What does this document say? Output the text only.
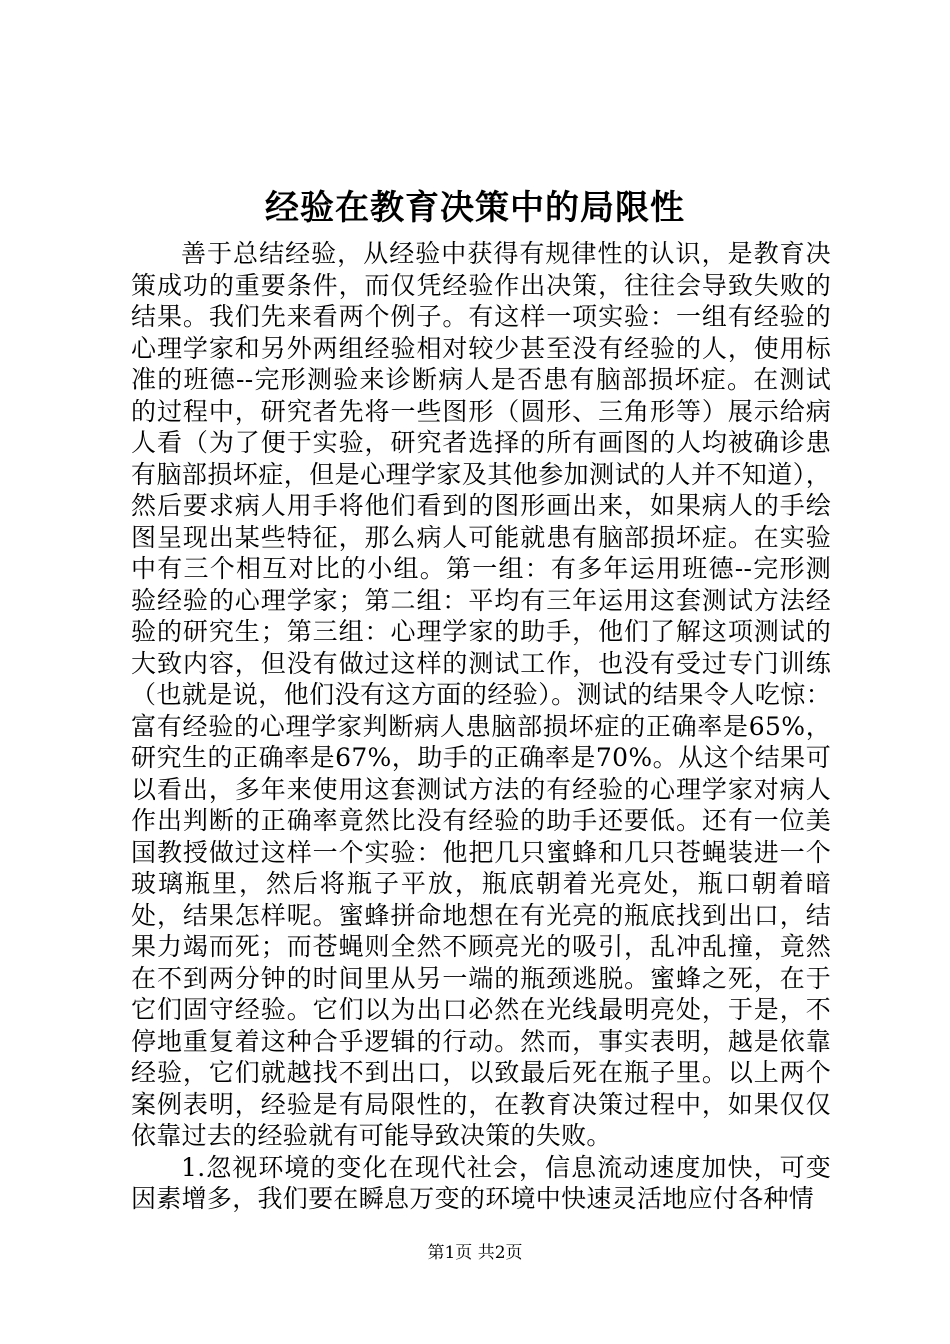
经验在教育决策中的局限性

善于总结经验，从经验中获得有规律性的认识，是教育决策成功的重要条件，而仅凭经验作出决策，往往会导致失败的结果。我们先来看两个例子。有这样一项实验：一组有经验的心理学家和另外两组经验相对较少甚至没有经验的人，使用标准的班德--完形测验来诊断病人是否患有脑部损坏症。在测试的过程中，研究者先将一些图形（圆形、三角形等）展示给病人看（为了便于实验，研究者选择的所有画图的人均被确诊患有脑部损坏症，但是心理学家及其他参加测试的人并不知道），然后要求病人用手将他们看到的图形画出来，如果病人的手绘图呈现出某些特征，那么病人可能就患有脑部损坏症。在实验中有三个相互对比的小组。第一组：有多年运用班德--完形测验经验的心理学家；第二组：平均有三年运用这套测试方法经验的研究生；第三组：心理学家的助手，他们了解这项测试的大致内容，但没有做过这样的测试工作，也没有受过专门训练（也就是说，他们没有这方面的经验）。测试的结果令人吃惊：富有经验的心理学家判断病人患脑部损坏症的正确率是65%，研究生的正确率是67%，助手的正确率是70%。从这个结果可以看出，多年来使用这套测试方法的有经验的心理学家对病人作出判断的正确率竟然比没有经验的助手还要低。还有一位美国教授做过这样一个实验：他把几只蜜蜂和几只苍蝇装进一个玻璃瓶里，然后将瓶子平放，瓶底朝着光亮处，瓶口朝着暗处，结果怎样呢。蜜蜂拼命地想在有光亮的瓶底找到出口，结果力竭而死；而苍蝇则全然不顾亮光的吸引，乱冲乱撞，竟然在不到两分钟的时间里从另一端的瓶颈逃脱。蜜蜂之死，在于它们固守经验。它们以为出口必然在光线最明亮处，于是，不停地重复着这种合乎逻辑的行动。然而，事实表明，越是依靠经验，它们就越找不到出口，以致最后死在瓶子里。以上两个案例表明，经验是有局限性的，在教育决策过程中，如果仅仅依靠过去的经验就有可能导致决策的失败。

1.忽视环境的变化在现代社会，信息流动速度加快，可变因素增多，我们要在瞬息万变的环境中快速灵活地应付各种情

第1页 共2页
